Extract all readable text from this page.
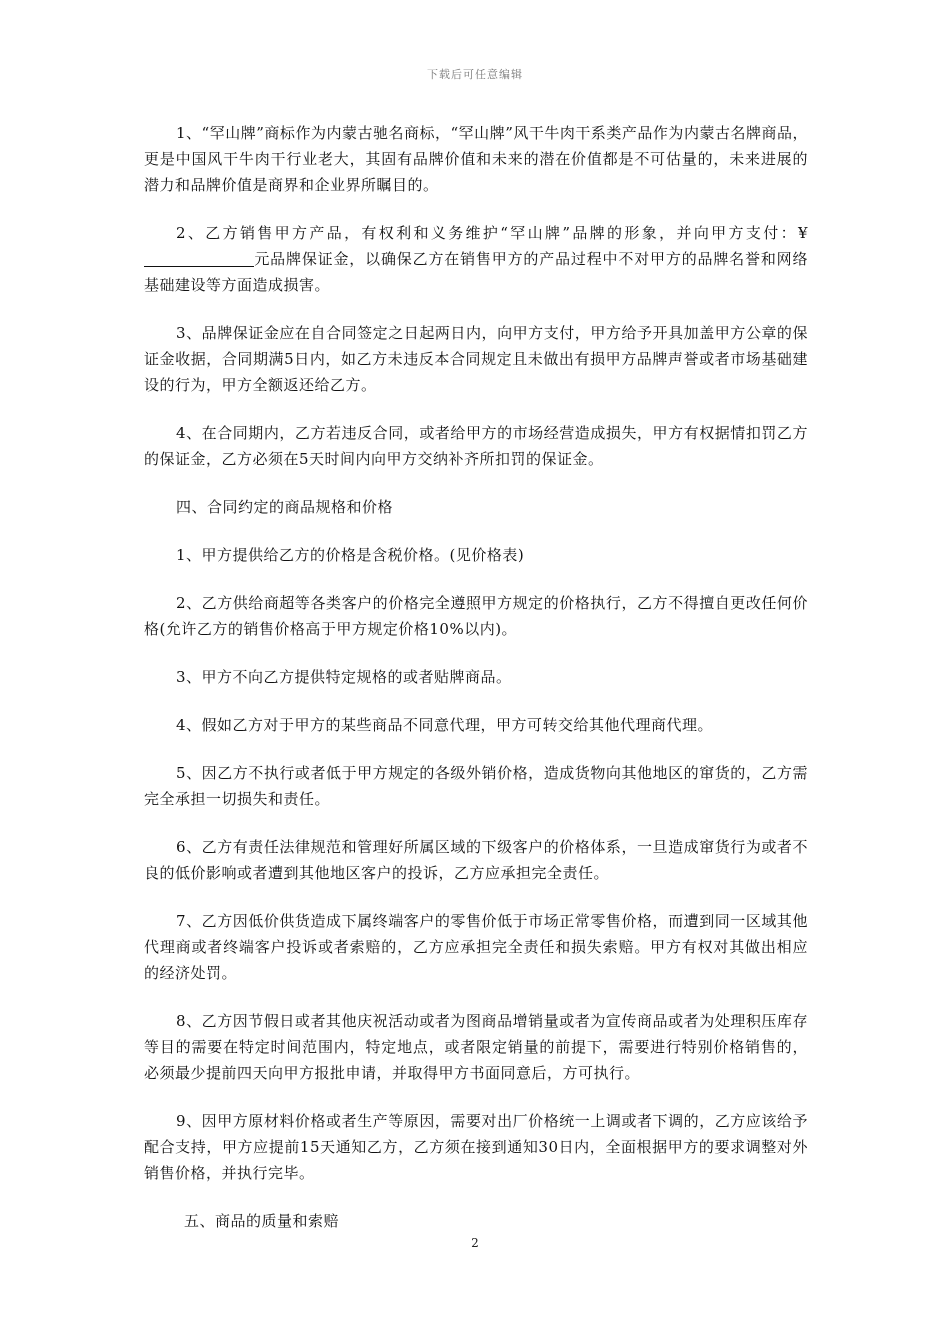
下载后可任意编辑

1、“罕山牌”商标作为内蒙古驰名商标，“罕山牌”风干牛肉干系类产品作为内蒙古名牌商品，更是中国风干牛肉干行业老大，其固有品牌价值和未来的潜在价值都是不可估量的，未来进展的潜力和品牌价值是商界和企业界所瞩目的。

2、乙方销售甲方产品，有权利和义务维护“罕山牌”品牌的形象，并向甲方支付：¥元品牌保证金，以确保乙方在销售甲方的产品过程中不对甲方的品牌名誉和网络基础建设等方面造成损害。

3、品牌保证金应在自合同签定之日起两日内，向甲方支付，甲方给予开具加盖甲方公章的保证金收据，合同期满5日内，如乙方未违反本合同规定且未做出有损甲方品牌声誉或者市场基础建设的行为，甲方全额返还给乙方。

4、在合同期内，乙方若违反合同，或者给甲方的市场经营造成损失，甲方有权据情扣罚乙方的保证金，乙方必须在5天时间内向甲方交纳补齐所扣罚的保证金。

四、合同约定的商品规格和价格

1、甲方提供给乙方的价格是含税价格。(见价格表)

2、乙方供给商超等各类客户的价格完全遵照甲方规定的价格执行，乙方不得擅自更改任何价格(允许乙方的销售价格高于甲方规定价格10%以内)。

3、甲方不向乙方提供特定规格的或者贴牌商品。

4、假如乙方对于甲方的某些商品不同意代理，甲方可转交给其他代理商代理。

5、因乙方不执行或者低于甲方规定的各级外销价格，造成货物向其他地区的窜货的，乙方需完全承担一切损失和责任。

6、乙方有责任法律规范和管理好所属区域的下级客户的价格体系，一旦造成窜货行为或者不良的低价影响或者遭到其他地区客户的投诉，乙方应承担完全责任。

7、乙方因低价供货造成下属终端客户的零售价低于市场正常零售价格，而遭到同一区域其他代理商或者终端客户投诉或者索赔的，乙方应承担完全责任和损失索赔。甲方有权对其做出相应的经济处罚。

8、乙方因节假日或者其他庆祝活动或者为图商品增销量或者为宣传商品或者为处理积压库存等目的需要在特定时间范围内，特定地点，或者限定销量的前提下，需要进行特别价格销售的，必须最少提前四天向甲方报批申请，并取得甲方书面同意后，方可执行。

9、因甲方原材料价格或者生产等原因，需要对出厂价格统一上调或者下调的，乙方应该给予配合支持，甲方应提前15天通知乙方，乙方须在接到通知30日内，全面根据甲方的要求调整对外销售价格，并执行完毕。

五、商品的质量和索赔

2
